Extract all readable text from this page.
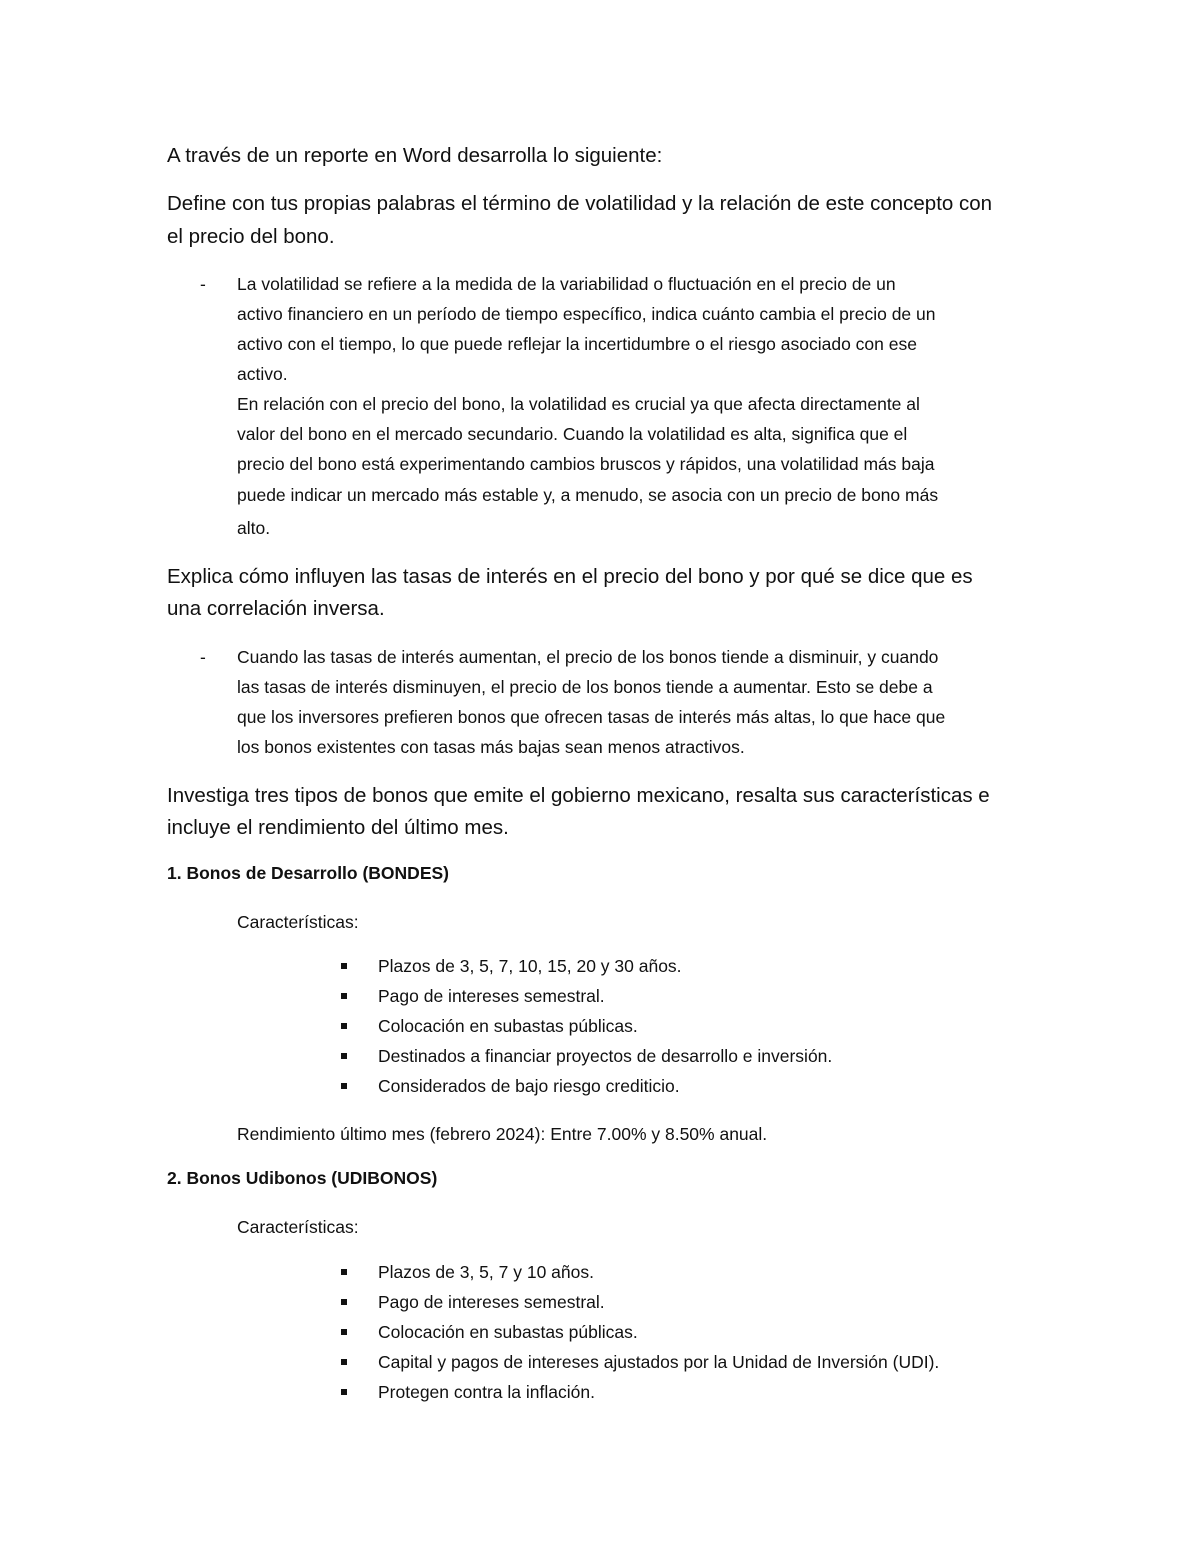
A través de un reporte en Word desarrolla lo siguiente:

Define con tus propias palabras el término de volatilidad y la relación de este concepto con

el precio del bono.

- La volatilidad se refiere a la medida de la variabilidad o fluctuación en el precio de un

activo financiero en un período de tiempo específico, indica cuánto cambia el precio de un

activo con el tiempo, lo que puede reflejar la incertidumbre o el riesgo asociado con ese

activo.

En relación con el precio del bono, la volatilidad es crucial ya que afecta directamente al

valor del bono en el mercado secundario. Cuando la volatilidad es alta, significa que el

precio del bono está experimentando cambios bruscos y rápidos, una volatilidad más baja

puede indicar un mercado más estable y, a menudo, se asocia con un precio de bono más

alto.

Explica cómo influyen las tasas de interés en el precio del bono y por qué se dice que es

una correlación inversa.

- Cuando las tasas de interés aumentan, el precio de los bonos tiende a disminuir, y cuando

las tasas de interés disminuyen, el precio de los bonos tiende a aumentar. Esto se debe a

que los inversores prefieren bonos que ofrecen tasas de interés más altas, lo que hace que

los bonos existentes con tasas más bajas sean menos atractivos.

Investiga tres tipos de bonos que emite el gobierno mexicano, resalta sus características e

incluye el rendimiento del último mes.

1. Bonos de Desarrollo (BONDES)

Características:

Plazos de 3, 5, 7, 10, 15, 20 y 30 años.

Pago de intereses semestral.

Colocación en subastas públicas.

Destinados a financiar proyectos de desarrollo e inversión.

Considerados de bajo riesgo crediticio.

Rendimiento último mes (febrero 2024): Entre 7.00% y 8.50% anual.

2. Bonos Udibonos (UDIBONOS)

Características:

Plazos de 3, 5, 7 y 10 años.

Pago de intereses semestral.

Colocación en subastas públicas.

Capital y pagos de intereses ajustados por la Unidad de Inversión (UDI).

Protegen contra la inflación.
